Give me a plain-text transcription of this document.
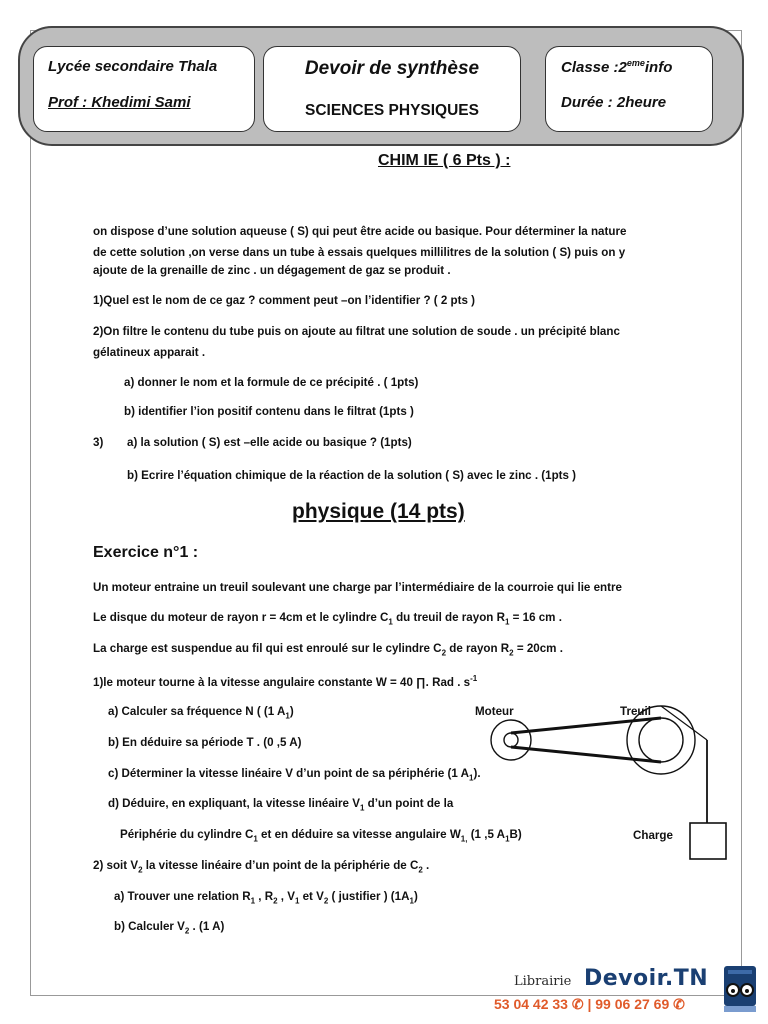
Lycée secondaire Thala
Prof : Khedimi Sami
Devoir de synthèse
SCIENCES PHYSIQUES
Classe :2emeinfo
Durée : 2heure
CHIM IE ( 6 Pts ) :
on dispose d’une solution aqueuse ( S) qui peut être acide ou basique. Pour déterminer la nature
de cette solution ,on verse dans un tube à essais quelques millilitres de la solution ( S) puis on y
ajoute de la grenaille de zinc . un dégagement de gaz se produit .
1)Quel est le nom de ce gaz ? comment peut –on l’identifier ? ( 2 pts )
2)On filtre le contenu du tube puis on ajoute au filtrat une solution de soude . un précipité blanc
gélatineux apparait .
a) donner le nom et la formule de ce précipité . ( 1pts)
b) identifier l’ion positif contenu dans le filtrat (1pts )
3) a) la solution ( S) est –elle acide ou basique ? (1pts)
b) Ecrire l’équation chimique de la réaction de la solution ( S) avec le zinc . (1pts )
physique (14 pts)
Exercice n°1 :
Un moteur entraine un treuil soulevant une charge par l’intermédiaire de la courroie qui lie entre
Le disque du moteur de rayon r = 4cm et le cylindre $C_1$ du treuil de rayon $R_1 = 16$ cm .
La charge est suspendue au fil qui est enroulé sur le cylindre $C_2$ de rayon $R_2 = 20cm$ .
1)le moteur tourne à la vitesse angulaire constante W = 40 ∏. Rad . $s^{-1}$
a) Calculer sa fréquence N ( (1 $A_1$)
b) En déduire sa période T . (0 ,5 A)
c) Déterminer la vitesse linéaire V d’un point de sa périphérie (1 $A_1$).
d) Déduire, en expliquant, la vitesse linéaire $V_1$ d’un point de la
Périphérie du cylindre $C_1$ et en déduire sa vitesse angulaire $W_{1,}$ (1 ,5 $A_1B$)
2) soit $V_2$ la vitesse linéaire d’un point de la périphérie de $C_2$ .
a) Trouver une relation $R_1$ , $R_2$ , $V_1$ et $V_2$ ( justifier ) $(1A_1)$
b) Calculer $V_2$ . (1 A)
Moteur	Treuil
Charge
Librairie Devoir.TN
53 04 42 33 ✆ | 99 06 27 69 ✆
